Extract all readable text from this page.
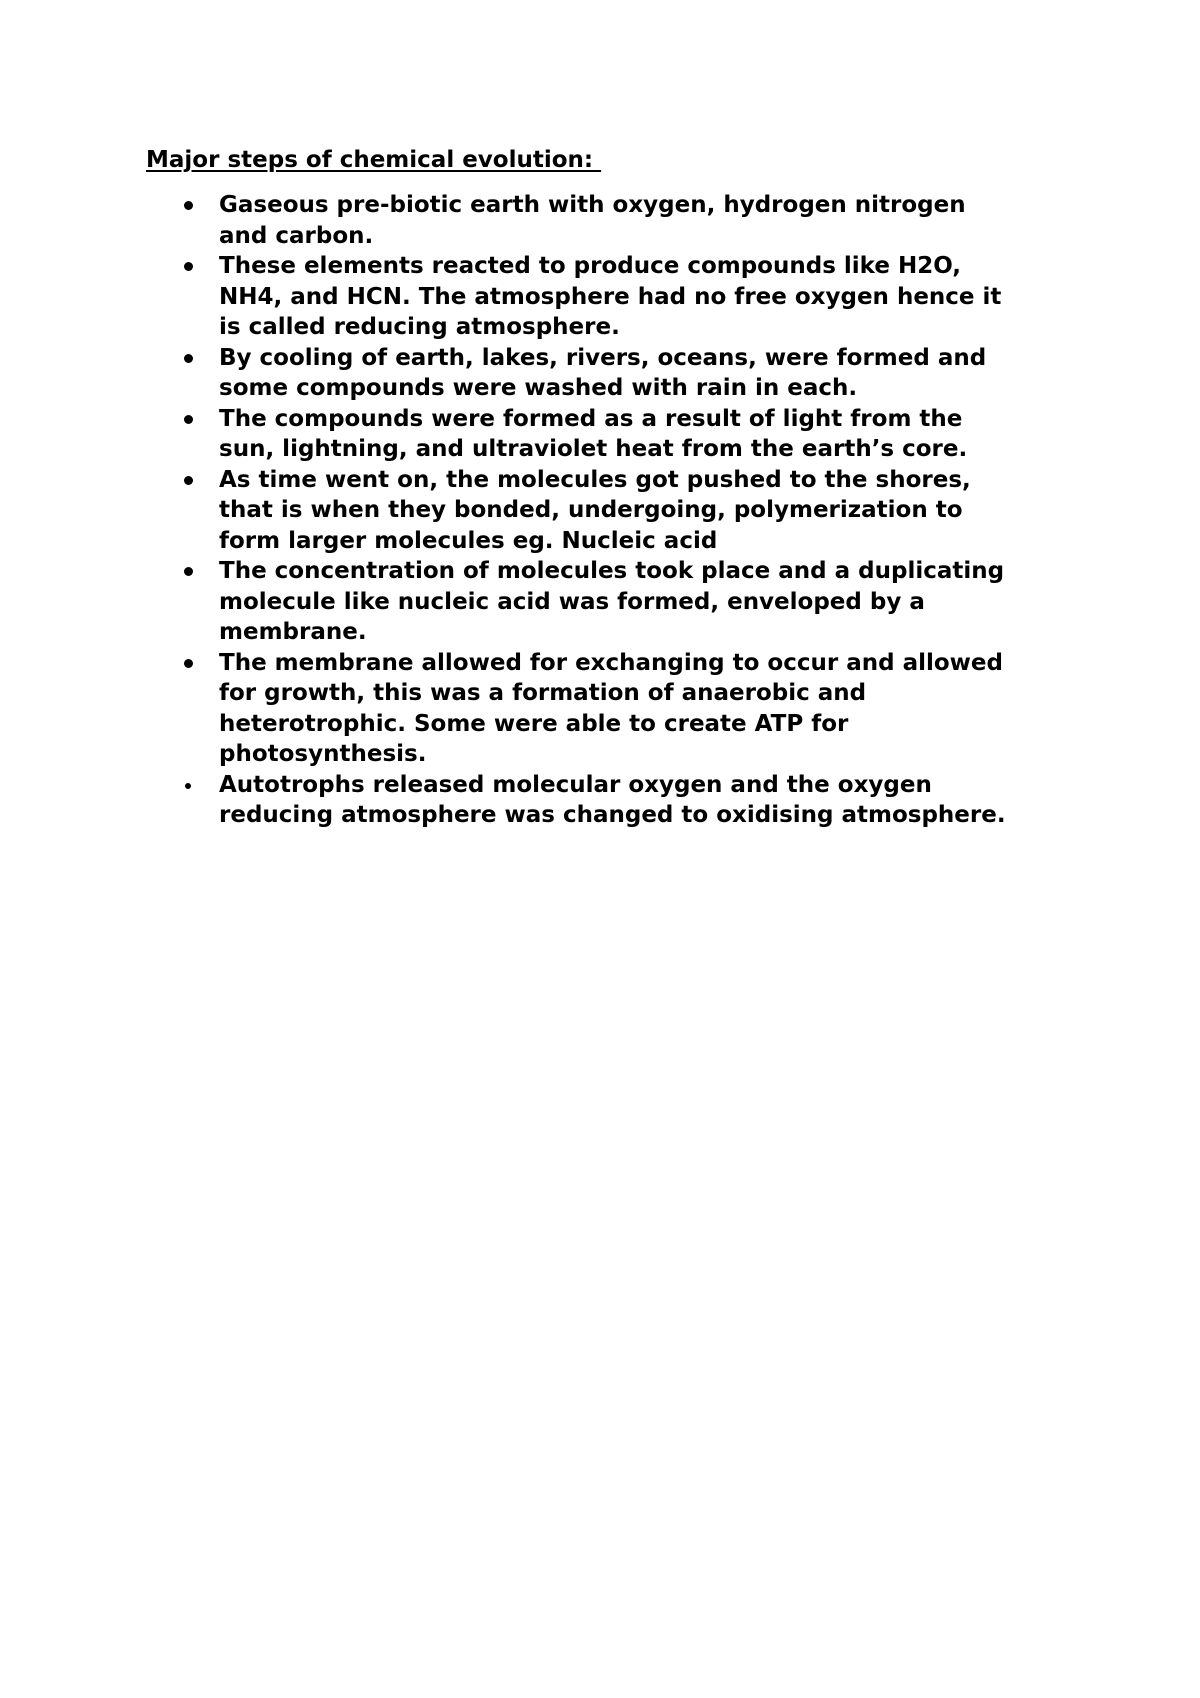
Major steps of chemical evolution:
Gaseous pre-biotic earth with oxygen, hydrogen nitrogen
and carbon.
These elements reacted to produce compounds like H2O,
NH4, and HCN. The atmosphere had no free oxygen hence it
is called reducing atmosphere.
By cooling of earth, lakes, rivers, oceans, were formed and
some compounds were washed with rain in each.
The compounds were formed as a result of light from the
sun, lightning, and ultraviolet heat from the earth’s core.
As time went on, the molecules got pushed to the shores,
that is when they bonded, undergoing, polymerization to
form larger molecules eg. Nucleic acid
The concentration of molecules took place and a duplicating
molecule like nucleic acid was formed, enveloped by a
membrane.
The membrane allowed for exchanging to occur and allowed
for growth, this was a formation of anaerobic and
heterotrophic. Some were able to create ATP for
photosynthesis.
Autotrophs released molecular oxygen and the oxygen
reducing atmosphere was changed to oxidising atmosphere.
